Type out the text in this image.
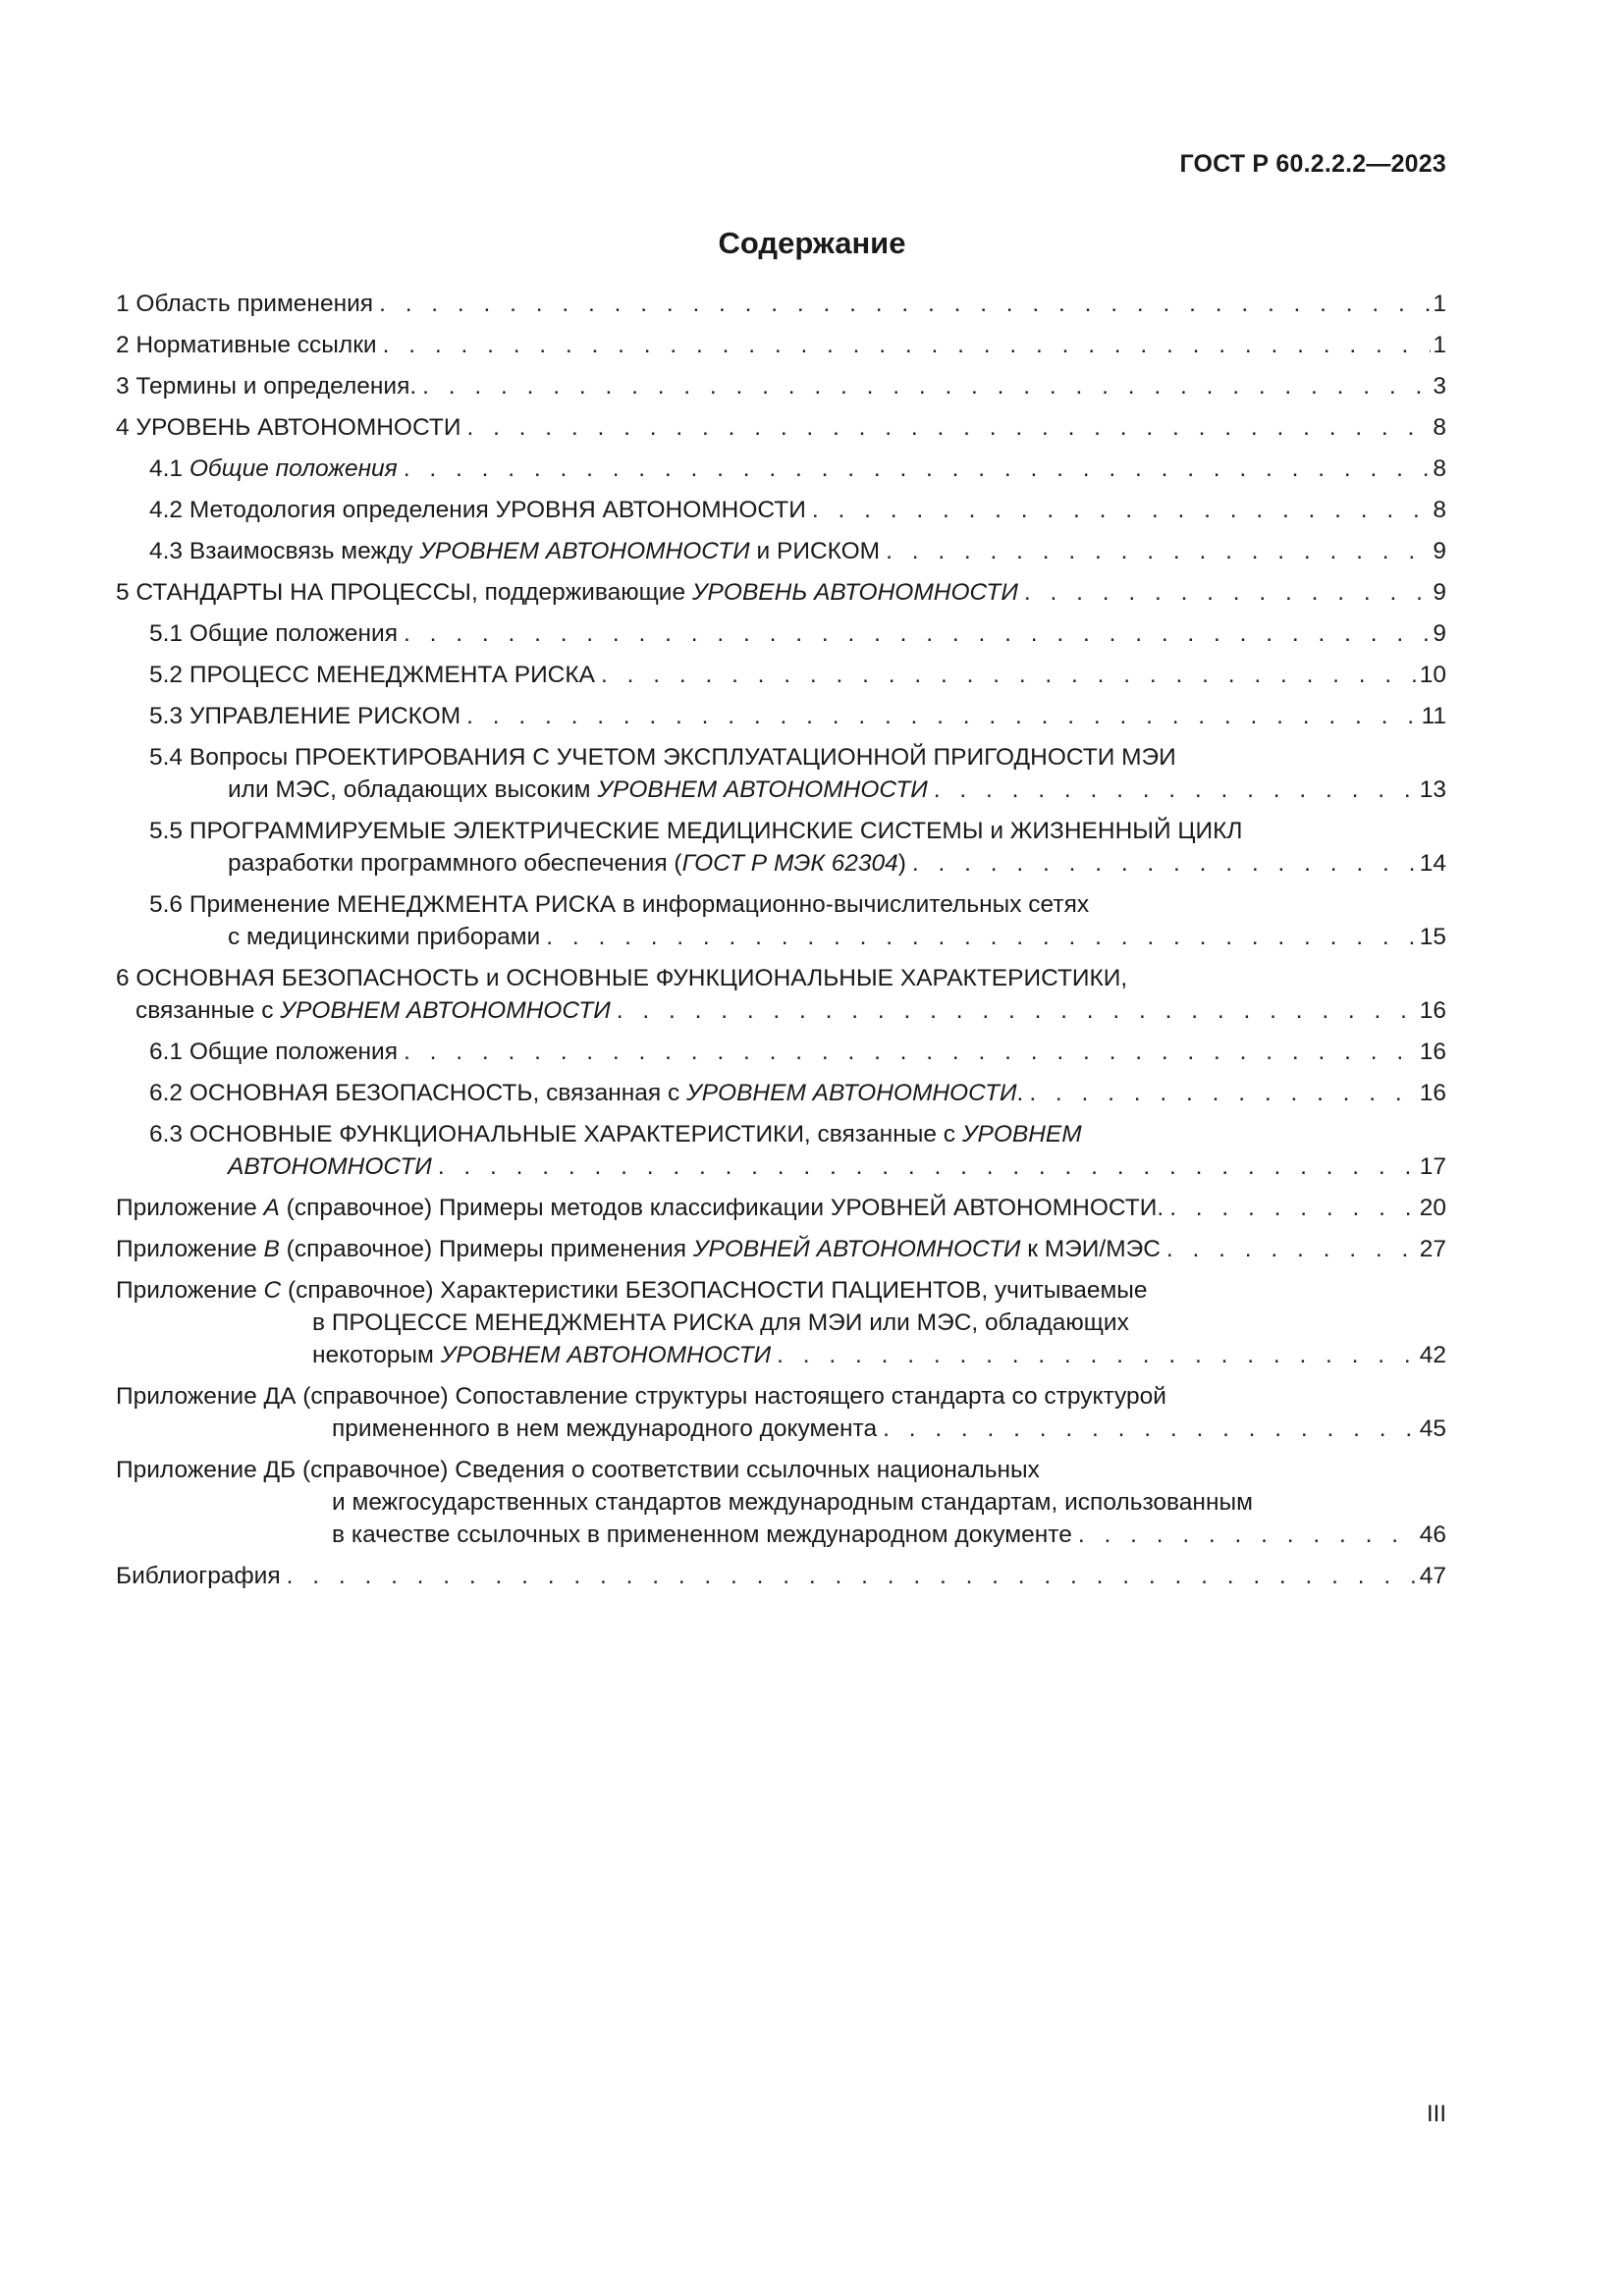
ГОСТ Р 60.2.2.2—2023
Содержание
1 Область применения . . .	1
2 Нормативные ссылки . . .	1
3 Термины и определения. . . .	3
4 УРОВЕНЬ АВТОНОМНОСТИ . . .	8
4.1 Общие положения . . .	8
4.2 Методология определения УРОВНЯ АВТОНОМНОСТИ . . .	8
4.3 Взаимосвязь между УРОВНЕМ АВТОНОМНОСТИ и РИСКОМ . . .	9
5 СТАНДАРТЫ НА ПРОЦЕССЫ, поддерживающие УРОВЕНЬ АВТОНОМНОСТИ . . .	9
5.1 Общие положения . . .	9
5.2 ПРОЦЕСС МЕНЕДЖМЕНТА РИСКА . . .	10
5.3 УПРАВЛЕНИЕ РИСКОМ . . .	11
5.4 Вопросы ПРОЕКТИРОВАНИЯ С УЧЕТОМ ЭКСПЛУАТАЦИОННОЙ ПРИГОДНОСТИ МЭИ
или МЭС, обладающих высоким УРОВНЕМ АВТОНОМНОСТИ . . .	13
5.5 ПРОГРАММИРУЕМЫЕ ЭЛЕКТРИЧЕСКИЕ МЕДИЦИНСКИЕ СИСТЕМЫ и ЖИЗНЕННЫЙ ЦИКЛ
разработки программного обеспечения (ГОСТ Р МЭК 62304) . . .	14
5.6 Применение МЕНЕДЖМЕНТА РИСКА в информационно-вычислительных сетях
с медицинскими приборами . . .	15
6 ОСНОВНАЯ БЕЗОПАСНОСТЬ и ОСНОВНЫЕ ФУНКЦИОНАЛЬНЫЕ ХАРАКТЕРИСТИКИ,
связанные с УРОВНЕМ АВТОНОМНОСТИ . . .	16
6.1 Общие положения . . .	16
6.2 ОСНОВНАЯ БЕЗОПАСНОСТЬ, связанная с УРОВНЕМ АВТОНОМНОСТИ. . . .	16
6.3 ОСНОВНЫЕ ФУНКЦИОНАЛЬНЫЕ ХАРАКТЕРИСТИКИ, связанные с УРОВНЕМ
АВТОНОМНОСТИ . . .	17
Приложение А (справочное) Примеры методов классификации УРОВНЕЙ АВТОНОМНОСТИ. . . .	20
Приложение В (справочное) Примеры применения УРОВНЕЙ АВТОНОМНОСТИ к МЭИ/МЭС . . .	27
Приложение С (справочное) Характеристики БЕЗОПАСНОСТИ ПАЦИЕНТОВ, учитываемые
в ПРОЦЕССЕ МЕНЕДЖМЕНТА РИСКА для МЭИ или МЭС, обладающих
некоторым УРОВНЕМ АВТОНОМНОСТИ . . .	42
Приложение ДА (справочное) Сопоставление структуры настоящего стандарта со структурой
примененного в нем международного документа . . .	45
Приложение ДБ (справочное) Сведения о соответствии ссылочных национальных
и межгосударственных стандартов международным стандартам, использованным
в качестве ссылочных в примененном международном документе . . .	46
Библиография . . .	47
III
